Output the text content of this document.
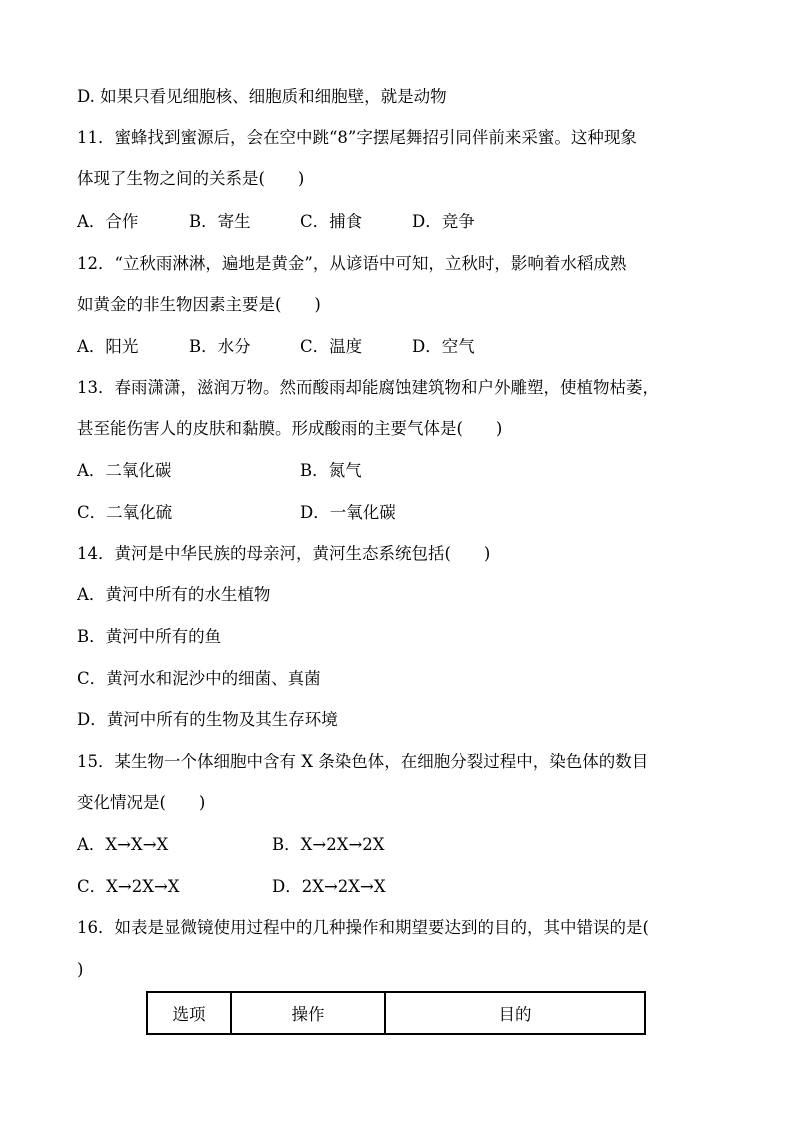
D. 如果只看见细胞核、细胞质和细胞壁，就是动物
11．蜜蜂找到蜜源后，会在空中跳“8”字摆尾舞招引同伴前来采蜜。这种现象
体现了生物之间的关系是(　　)
A．合作	B．寄生	C．捕食	D．竞争
12．“立秋雨淋淋，遍地是黄金”，从谚语中可知，立秋时，影响着水稻成熟
如黄金的非生物因素主要是(　　)
A．阳光	B．水分	C．温度	D．空气
13．春雨潇潇，滋润万物。然而酸雨却能腐蚀建筑物和户外雕塑，使植物枯萎，
甚至能伤害人的皮肤和黏膜。形成酸雨的主要气体是(　　)
A．二氧化碳	B．氮气
C．二氧化硫	D．一氧化碳
14．黄河是中华民族的母亲河，黄河生态系统包括(　　)
A．黄河中所有的水生植物
B．黄河中所有的鱼
C．黄河水和泥沙中的细菌、真菌
D．黄河中所有的生物及其生存环境
15．某生物一个体细胞中含有 X 条染色体，在细胞分裂过程中，染色体的数目
变化情况是(　　)
A．X→X→X	B．X→2X→2X
C．X→2X→X	D．2X→2X→X
16．如表是显微镜使用过程中的几种操作和期望要达到的目的，其中错误的是(
)
选项	操作	目的
